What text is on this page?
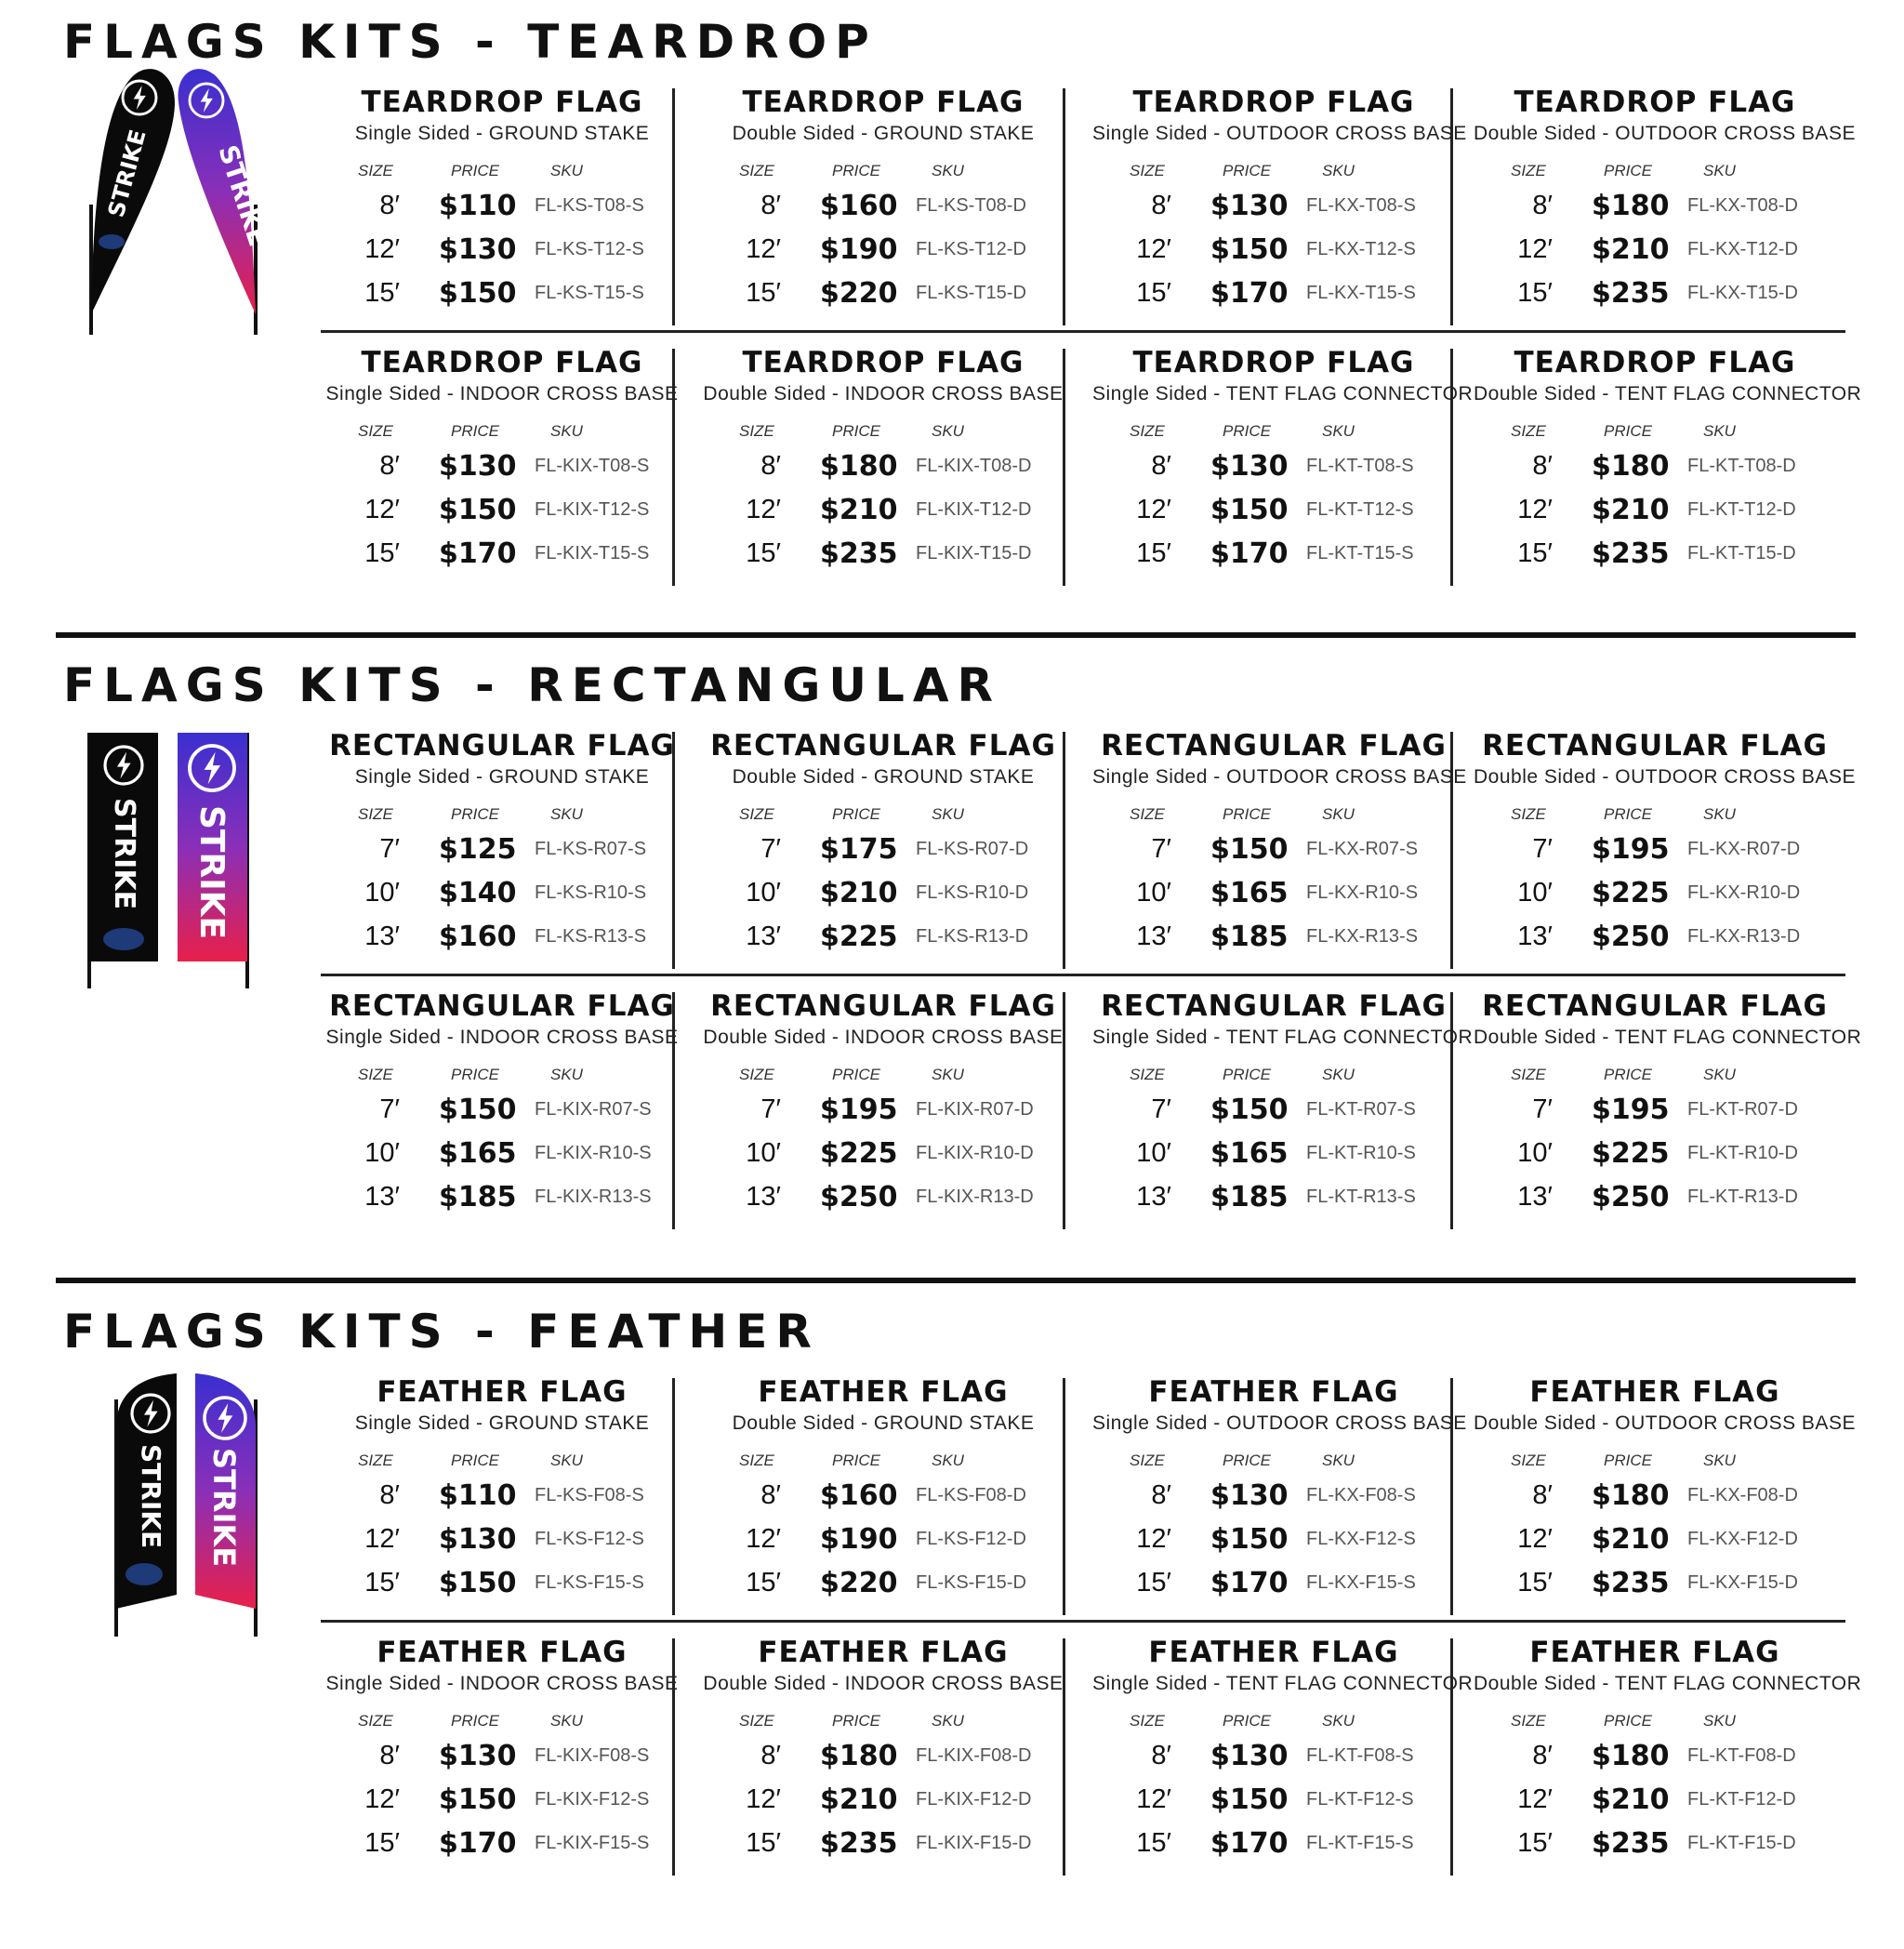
FLAGS KITS - TEARDROP
TEARDROP FLAG
Single Sided - GROUND STAKE
SIZE	PRICE	SKU
8′ $110 FL-KS-T08-S
12′ $130 FL-KS-T12-S
15′ $150 FL-KS-T15-S
TEARDROP FLAG
Double Sided - GROUND STAKE
SIZE	PRICE	SKU
8′ $160 FL-KS-T08-D
12′ $190 FL-KS-T12-D
15′ $220 FL-KS-T15-D
TEARDROP FLAG
Single Sided - OUTDOOR CROSS BASE
SIZE	PRICE	SKU
8′ $130 FL-KX-T08-S
12′ $150 FL-KX-T12-S
15′ $170 FL-KX-T15-S
TEARDROP FLAG
Double Sided - OUTDOOR CROSS BASE
SIZE	PRICE	SKU
8′ $180 FL-KX-T08-D
12′ $210 FL-KX-T12-D
15′ $235 FL-KX-T15-D
TEARDROP FLAG
Single Sided - INDOOR CROSS BASE
SIZE	PRICE	SKU
8′ $130 FL-KIX-T08-S
12′ $150 FL-KIX-T12-S
15′ $170 FL-KIX-T15-S
TEARDROP FLAG
Double Sided - INDOOR CROSS BASE
SIZE	PRICE	SKU
8′ $180 FL-KIX-T08-D
12′ $210 FL-KIX-T12-D
15′ $235 FL-KIX-T15-D
TEARDROP FLAG
Single Sided - TENT FLAG CONNECTOR
SIZE	PRICE	SKU
8′ $130 FL-KT-T08-S
12′ $150 FL-KT-T12-S
15′ $170 FL-KT-T15-S
TEARDROP FLAG
Double Sided - TENT FLAG CONNECTOR
SIZE	PRICE	SKU
8′ $180 FL-KT-T08-D
12′ $210 FL-KT-T12-D
15′ $235 FL-KT-T15-D
STRIKE STRIKE
FLAGS KITS - RECTANGULAR
RECTANGULAR FLAG
Single Sided - GROUND STAKE
SIZE	PRICE	SKU
7′ $125 FL-KS-R07-S
10′ $140 FL-KS-R10-S
13′ $160 FL-KS-R13-S
RECTANGULAR FLAG
Double Sided - GROUND STAKE
SIZE	PRICE	SKU
7′ $175 FL-KS-R07-D
10′ $210 FL-KS-R10-D
13′ $225 FL-KS-R13-D
RECTANGULAR FLAG
Single Sided - OUTDOOR CROSS BASE
SIZE	PRICE	SKU
7′ $150 FL-KX-R07-S
10′ $165 FL-KX-R10-S
13′ $185 FL-KX-R13-S
RECTANGULAR FLAG
Double Sided - OUTDOOR CROSS BASE
SIZE	PRICE	SKU
7′ $195 FL-KX-R07-D
10′ $225 FL-KX-R10-D
13′ $250 FL-KX-R13-D
RECTANGULAR FLAG
Single Sided - INDOOR CROSS BASE
SIZE	PRICE	SKU
7′ $150 FL-KIX-R07-S
10′ $165 FL-KIX-R10-S
13′ $185 FL-KIX-R13-S
RECTANGULAR FLAG
Double Sided - INDOOR CROSS BASE
SIZE	PRICE	SKU
7′ $195 FL-KIX-R07-D
10′ $225 FL-KIX-R10-D
13′ $250 FL-KIX-R13-D
RECTANGULAR FLAG
Single Sided - TENT FLAG CONNECTOR
SIZE	PRICE	SKU
7′ $150 FL-KT-R07-S
10′ $165 FL-KT-R10-S
13′ $185 FL-KT-R13-S
RECTANGULAR FLAG
Double Sided - TENT FLAG CONNECTOR
SIZE	PRICE	SKU
7′ $195 FL-KT-R07-D
10′ $225 FL-KT-R10-D
13′ $250 FL-KT-R13-D
STRIKE STRIKE
FLAGS KITS - FEATHER
FEATHER FLAG
Single Sided - GROUND STAKE
SIZE	PRICE	SKU
8′ $110 FL-KS-F08-S
12′ $130 FL-KS-F12-S
15′ $150 FL-KS-F15-S
FEATHER FLAG
Double Sided - GROUND STAKE
SIZE	PRICE	SKU
8′ $160 FL-KS-F08-D
12′ $190 FL-KS-F12-D
15′ $220 FL-KS-F15-D
FEATHER FLAG
Single Sided - OUTDOOR CROSS BASE
SIZE	PRICE	SKU
8′ $130 FL-KX-F08-S
12′ $150 FL-KX-F12-S
15′ $170 FL-KX-F15-S
FEATHER FLAG
Double Sided - OUTDOOR CROSS BASE
SIZE	PRICE	SKU
8′ $180 FL-KX-F08-D
12′ $210 FL-KX-F12-D
15′ $235 FL-KX-F15-D
FEATHER FLAG
Single Sided - INDOOR CROSS BASE
SIZE	PRICE	SKU
8′ $130 FL-KIX-F08-S
12′ $150 FL-KIX-F12-S
15′ $170 FL-KIX-F15-S
FEATHER FLAG
Double Sided - INDOOR CROSS BASE
SIZE	PRICE	SKU
8′ $180 FL-KIX-F08-D
12′ $210 FL-KIX-F12-D
15′ $235 FL-KIX-F15-D
FEATHER FLAG
Single Sided - TENT FLAG CONNECTOR
SIZE	PRICE	SKU
8′ $130 FL-KT-F08-S
12′ $150 FL-KT-F12-S
15′ $170 FL-KT-F15-S
FEATHER FLAG
Double Sided - TENT FLAG CONNECTOR
SIZE	PRICE	SKU
8′ $180 FL-KT-F08-D
12′ $210 FL-KT-F12-D
15′ $235 FL-KT-F15-D
STRIKE STRIKE
